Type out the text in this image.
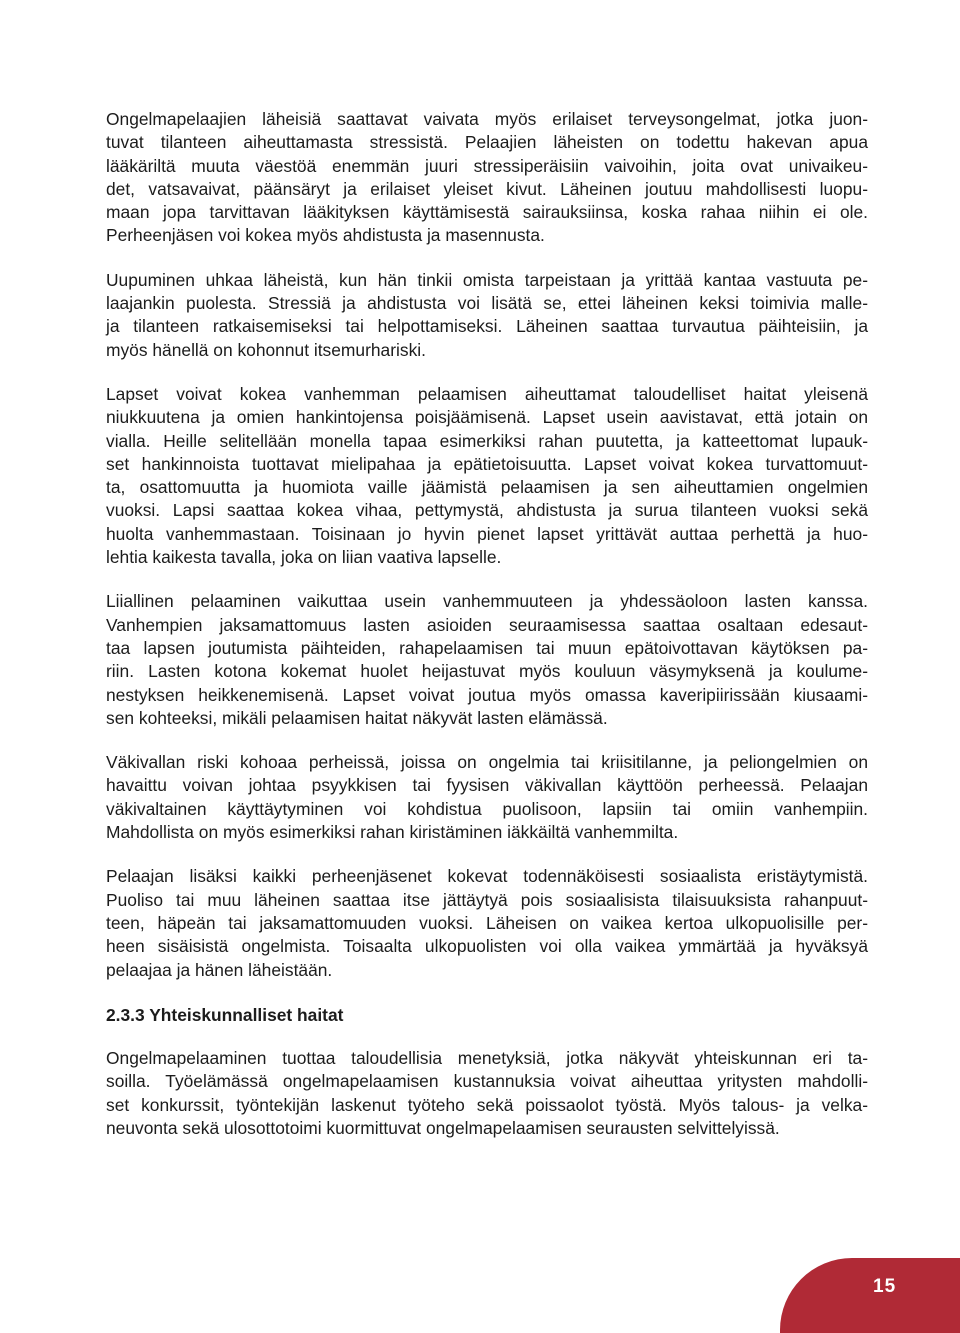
Ongelmapelaajien läheisiä saattavat vaivata myös erilaiset terveysongelmat, jotka juon-
tuvat tilanteen aiheuttamasta stressistä. Pelaajien läheisten on todettu hakevan apua
lääkäriltä muuta väestöä enemmän juuri stressiperäisiin vaivoihin, joita ovat univaikeu-
det, vatsavaivat, päänsäryt ja erilaiset yleiset kivut. Läheinen joutuu mahdollisesti luopu-
maan jopa tarvittavan lääkityksen käyttämisestä sairauksiinsa, koska rahaa niihin ei ole.
Perheenjäsen voi kokea myös ahdistusta ja masennusta.

Uupuminen uhkaa läheistä, kun hän tinkii omista tarpeistaan ja yrittää kantaa vastuuta pe-
laajankin puolesta. Stressiä ja ahdistusta voi lisätä se, ettei läheinen keksi toimivia malle-
ja tilanteen ratkaisemiseksi tai helpottamiseksi. Läheinen saattaa turvautua päihteisiin, ja
myös hänellä on kohonnut itsemurhariski.

Lapset voivat kokea vanhemman pelaamisen aiheuttamat taloudelliset haitat yleisenä
niukkuutena ja omien hankintojensa poisjäämisenä. Lapset usein aavistavat, että jotain on
vialla. Heille selitellään monella tapaa esimerkiksi rahan puutetta, ja katteettomat lupauk-
set hankinnoista tuottavat mielipahaa ja epätietoisuutta. Lapset voivat kokea turvattomuut-
ta, osattomuutta ja huomiota vaille jäämistä pelaamisen ja sen aiheuttamien ongelmien
vuoksi. Lapsi saattaa kokea vihaa, pettymystä, ahdistusta ja surua tilanteen vuoksi sekä
huolta vanhemmastaan. Toisinaan jo hyvin pienet lapset yrittävät auttaa perhettä ja huo-
lehtia kaikesta tavalla, joka on liian vaativa lapselle.

Liiallinen pelaaminen vaikuttaa usein vanhemmuuteen ja yhdessäoloon lasten kanssa.
Vanhempien jaksamattomuus lasten asioiden seuraamisessa saattaa osaltaan edesaut-
taa lapsen joutumista päihteiden, rahapelaamisen tai muun epätoivottavan käytöksen pa-
riin. Lasten kotona kokemat huolet heijastuvat myös kouluun väsymyksenä ja koulume-
nestyksen heikkenemisenä. Lapset voivat joutua myös omassa kaveripiirissään kiusaami-
sen kohteeksi, mikäli pelaamisen haitat näkyvät lasten elämässä.

Väkivallan riski kohoaa perheissä, joissa on ongelmia tai kriisitilanne, ja peliongelmien on
havaittu voivan johtaa psyykkisen tai fyysisen väkivallan käyttöön perheessä. Pelaajan
väkivaltainen käyttäytyminen voi kohdistua puolisoon, lapsiin tai omiin vanhempiin.
Mahdollista on myös esimerkiksi rahan kiristäminen iäkkäiltä vanhemmilta.

Pelaajan lisäksi kaikki perheenjäsenet kokevat todennäköisesti sosiaalista eristäytymistä.
Puoliso tai muu läheinen saattaa itse jättäytyä pois sosiaalisista tilaisuuksista rahanpuut-
teen, häpeän tai jaksamattomuuden vuoksi. Läheisen on vaikea kertoa ulkopuolisille per-
heen sisäisistä ongelmista. Toisaalta ulkopuolisten voi olla vaikea ymmärtää ja hyväksyä
pelaajaa ja hänen läheistään.

2.3.3 Yhteiskunnalliset haitat

Ongelmapelaaminen tuottaa taloudellisia menetyksiä, jotka näkyvät yhteiskunnan eri ta-
soilla. Työelämässä ongelmapelaamisen kustannuksia voivat aiheuttaa yritysten mahdolli-
set konkurssit, työntekijän laskenut työteho sekä poissaolot työstä. Myös talous- ja velka-
neuvonta sekä ulosottotoimi kuormittuvat ongelmapelaamisen seurausten selvittelyissä.

15
